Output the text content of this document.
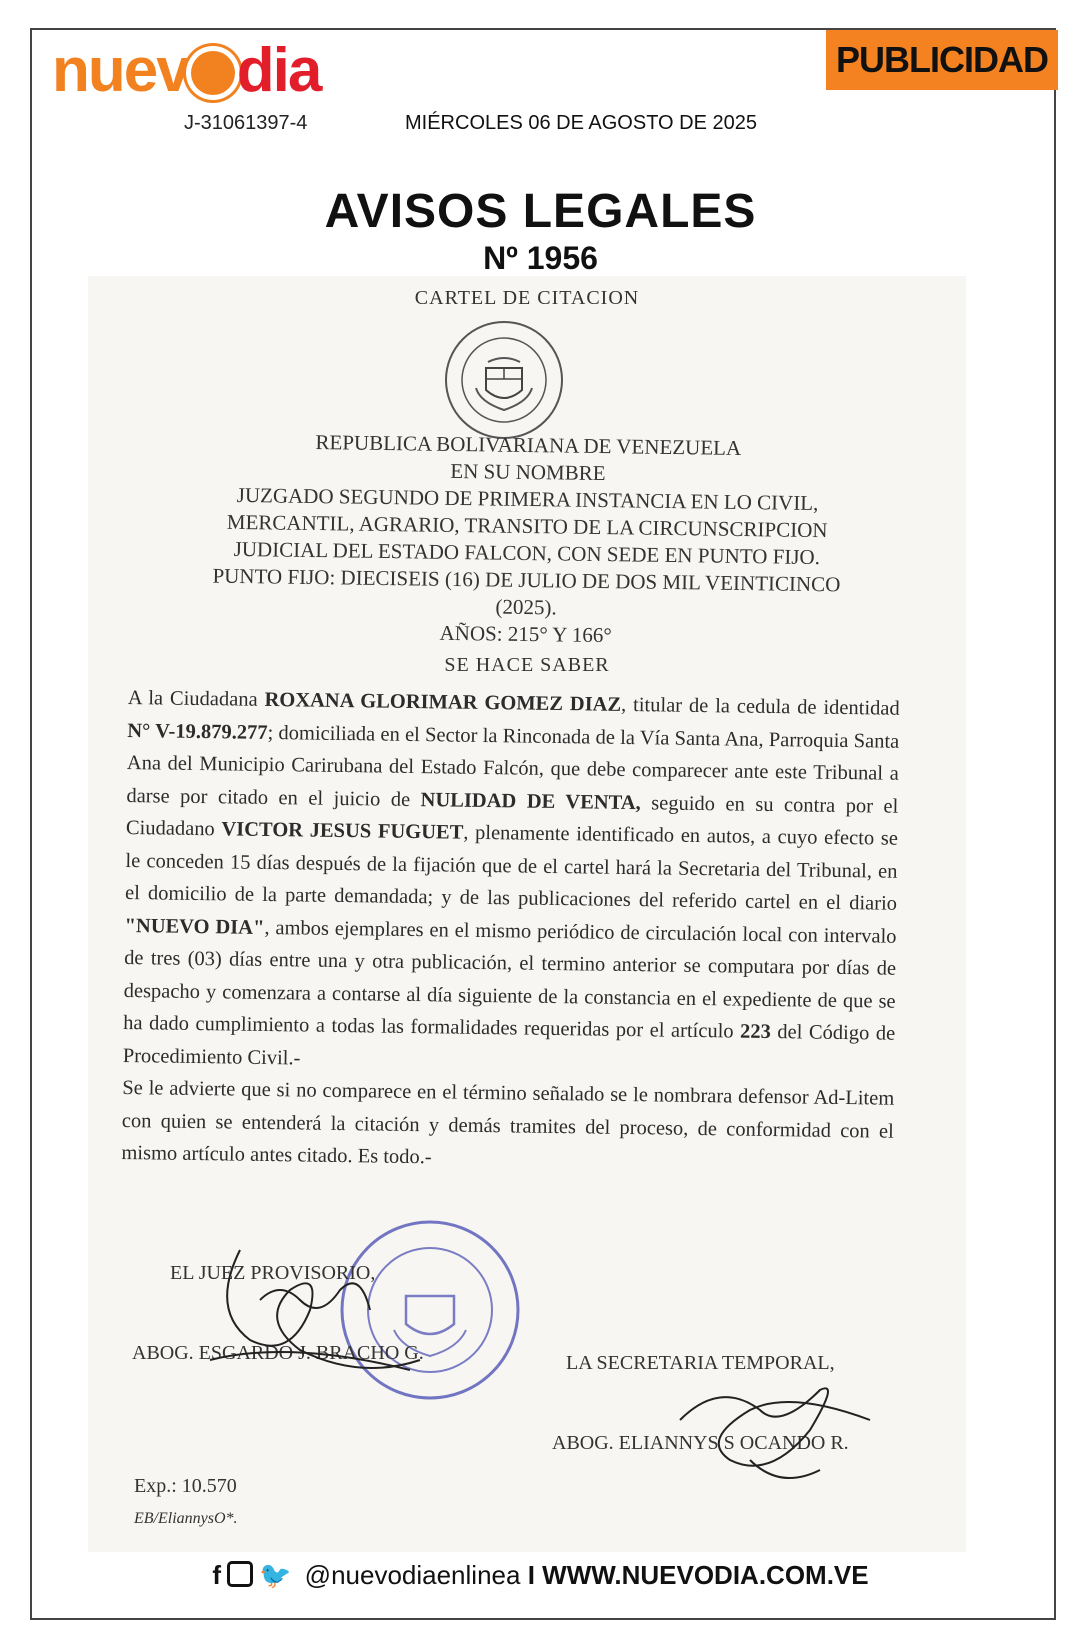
nuev dia
J-31061397-4	MIÉRCOLES 06 DE AGOSTO DE 2025
PUBLICIDAD
AVISOS LEGALES
Nº 1956
CARTEL DE CITACION
REPUBLICA BOLIVARIANA DE VENEZUELA
EN SU NOMBRE
JUZGADO SEGUNDO DE PRIMERA INSTANCIA EN LO CIVIL,
MERCANTIL, AGRARIO, TRANSITO DE LA CIRCUNSCRIPCION
JUDICIAL DEL ESTADO FALCON, CON SEDE EN PUNTO FIJO.
PUNTO FIJO: DIECISEIS (16) DE JULIO DE DOS MIL VEINTICINCO
(2025).
AÑOS: 215° Y 166°
SE HACE SABER

A la Ciudadana ROXANA GLORIMAR GOMEZ DIAZ, titular de la cedula de identidad N° V-19.879.277; domiciliada en el Sector la Rinconada de la Vía Santa Ana, Parroquia Santa Ana del Municipio Carirubana del Estado Falcón, que debe comparecer ante este Tribunal a darse por citado en el juicio de NULIDAD DE VENTA, seguido en su contra por el Ciudadano VICTOR JESUS FUGUET, plenamente identificado en autos, a cuyo efecto se le conceden 15 días después de la fijación que de el cartel hará la Secretaria del Tribunal, en el domicilio de la parte demandada; y de las publicaciones del referido cartel en el diario "NUEVO DIA", ambos ejemplares en el mismo periódico de circulación local con intervalo de tres (03) días entre una y otra publicación, el termino anterior se computara por días de despacho y comenzara a contarse al día siguiente de la constancia en el expediente de que se ha dado cumplimiento a todas las formalidades requeridas por el artículo 223 del Código de Procedimiento Civil.-

Se le advierte que si no comparece en el término señalado se le nombrara defensor Ad-Litem con quien se entenderá la citación y demás tramites del proceso, de conformidad con el mismo artículo antes citado. Es todo.-

EL JUEZ PROVISORIO,
ABOG. ESGARDO J. BRACHO G.	LA SECRETARIA TEMPORAL,
ABOG. ELIANNYS S OCANDO R.
Exp.: 10.570
EB/EliannysO*.
f 🐦 @nuevodiaenlinea I WWW.NUEVODIA.COM.VE
